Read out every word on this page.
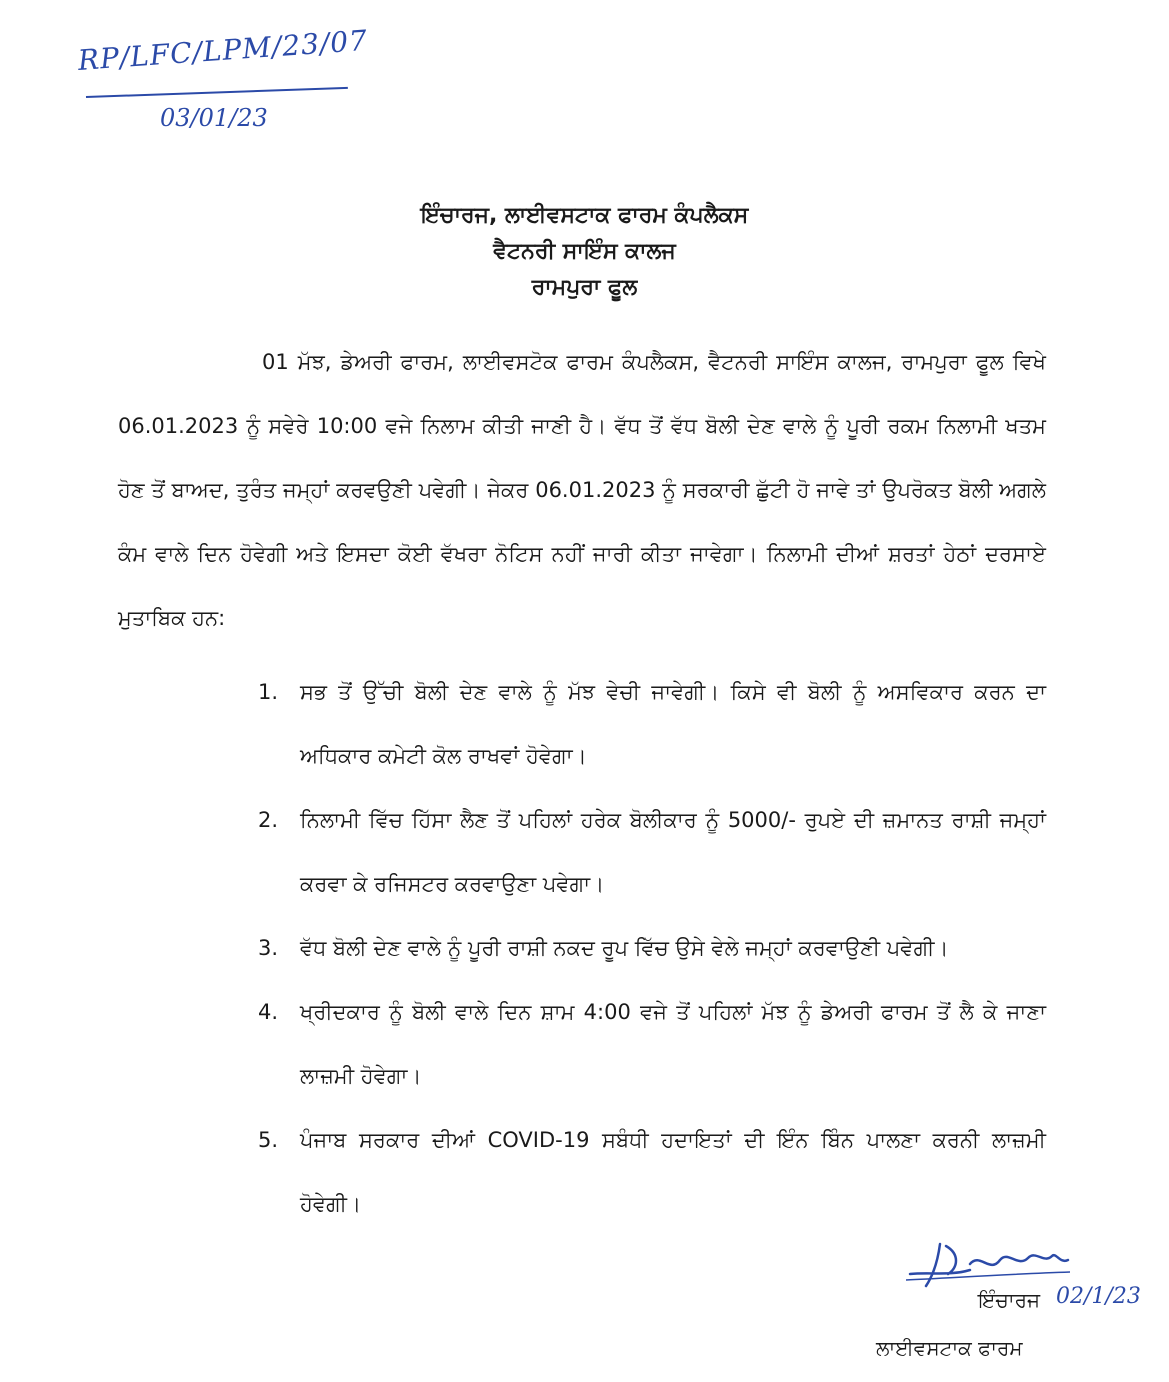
RP/LFC/LPM/23/07
03/01/23
ਇੰਚਾਰਜ, ਲਾਈਵਸਟਾਕ ਫਾਰਮ ਕੰਪਲੈਕਸ
ਵੈਟਨਰੀ ਸਾਇੰਸ ਕਾਲਜ
ਰਾਮਪੁਰਾ ਫੂਲ
01 ਮੱਝ, ਡੇਅਰੀ ਫਾਰਮ, ਲਾਈਵਸਟੋਕ ਫਾਰਮ ਕੰਪਲੈਕਸ, ਵੈਟਨਰੀ ਸਾਇੰਸ ਕਾਲਜ, ਰਾਮਪੁਰਾ ਫੂਲ ਵਿਖੇ 06.01.2023 ਨੂੰ ਸਵੇਰੇ 10:00 ਵਜੇ ਨਿਲਾਮ ਕੀਤੀ ਜਾਣੀ ਹੈ। ਵੱਧ ਤੋਂ ਵੱਧ ਬੋਲੀ ਦੇਣ ਵਾਲੇ ਨੂੰ ਪੂਰੀ ਰਕਮ ਨਿਲਾਮੀ ਖਤਮ ਹੋਣ ਤੋਂ ਬਾਅਦ, ਤੁਰੰਤ ਜਮ੍ਹਾਂ ਕਰਵਉਣੀ ਪਵੇਗੀ। ਜੇਕਰ 06.01.2023 ਨੂੰ ਸਰਕਾਰੀ ਛੁੱਟੀ ਹੋ ਜਾਵੇ ਤਾਂ ਉਪਰੋਕਤ ਬੋਲੀ ਅਗਲੇ ਕੰਮ ਵਾਲੇ ਦਿਨ ਹੋਵੇਗੀ ਅਤੇ ਇਸਦਾ ਕੋਈ ਵੱਖਰਾ ਨੋਟਿਸ ਨਹੀਂ ਜਾਰੀ ਕੀਤਾ ਜਾਵੇਗਾ। ਨਿਲਾਮੀ ਦੀਆਂ ਸ਼ਰਤਾਂ ਹੇਠਾਂ ਦਰਸਾਏ ਮੁਤਾਬਿਕ ਹਨ:
1. ਸਭ ਤੋਂ ਉੱਚੀ ਬੋਲੀ ਦੇਣ ਵਾਲੇ ਨੂੰ ਮੱਝ ਵੇਚੀ ਜਾਵੇਗੀ। ਕਿਸੇ ਵੀ ਬੋਲੀ ਨੂੰ ਅਸਵਿਕਾਰ ਕਰਨ ਦਾ ਅਧਿਕਾਰ ਕਮੇਟੀ ਕੋਲ ਰਾਖਵਾਂ ਹੋਵੇਗਾ।
2. ਨਿਲਾਮੀ ਵਿੱਚ ਹਿੱਸਾ ਲੈਣ ਤੋਂ ਪਹਿਲਾਂ ਹਰੇਕ ਬੋਲੀਕਾਰ ਨੂੰ 5000/- ਰੁਪਏ ਦੀ ਜ਼ਮਾਨਤ ਰਾਸ਼ੀ ਜਮ੍ਹਾਂ ਕਰਵਾ ਕੇ ਰਜਿਸਟਰ ਕਰਵਾਉਣਾ ਪਵੇਗਾ।
3. ਵੱਧ ਬੋਲੀ ਦੇਣ ਵਾਲੇ ਨੂੰ ਪੂਰੀ ਰਾਸ਼ੀ ਨਕਦ ਰੂਪ ਵਿੱਚ ਉਸੇ ਵੇਲੇ ਜਮ੍ਹਾਂ ਕਰਵਾਉਣੀ ਪਵੇਗੀ।
4. ਖ੍ਰੀਦਕਾਰ ਨੂੰ ਬੋਲੀ ਵਾਲੇ ਦਿਨ ਸ਼ਾਮ 4:00 ਵਜੇ ਤੋਂ ਪਹਿਲਾਂ ਮੱਝ ਨੂੰ ਡੇਅਰੀ ਫਾਰਮ ਤੋਂ ਲੈ ਕੇ ਜਾਣਾ ਲਾਜ਼ਮੀ ਹੋਵੇਗਾ।
5. ਪੰਜਾਬ ਸਰਕਾਰ ਦੀਆਂ COVID-19 ਸਬੰਧੀ ਹਦਾਇਤਾਂ ਦੀ ਇੰਨ ਬਿੰਨ ਪਾਲਣਾ ਕਰਨੀ ਲਾਜ਼ਮੀ ਹੋਵੇਗੀ।
ਇੰਚਾਰਜ 02/1/23
ਲਾਈਵਸਟਾਕ ਫਾਰਮ
